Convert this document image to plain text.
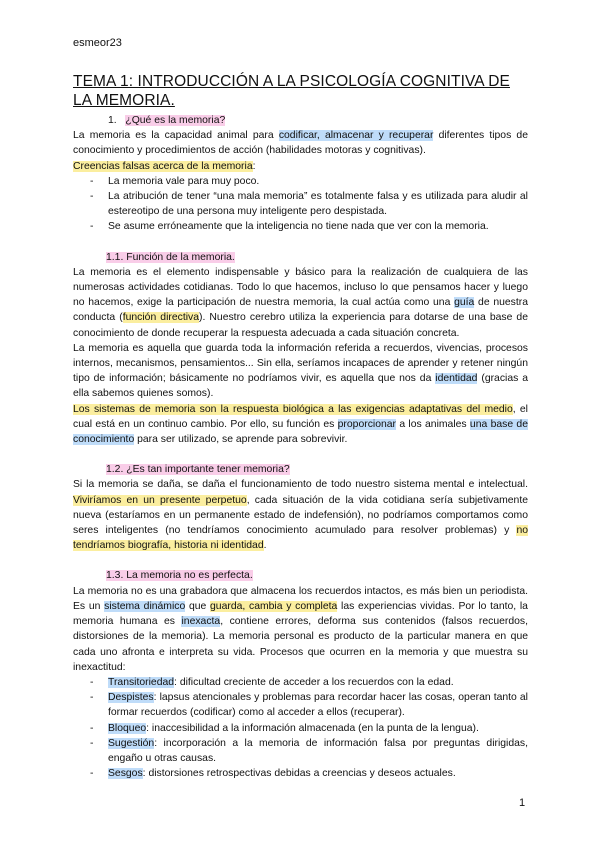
esmeor23
TEMA 1: INTRODUCCIÓN A LA PSICOLOGÍA COGNITIVA DE LA MEMORIA.

1. ¿Qué es la memoria?

La memoria es la capacidad animal para codificar, almacenar y recuperar diferentes tipos de conocimiento y procedimientos de acción (habilidades motoras y cognitivas).

Creencias falsas acerca de la memoria:

- La memoria vale para muy poco.
- La atribución de tener “una mala memoria” es totalmente falsa y es utilizada para aludir al estereotipo de una persona muy inteligente pero despistada.
- Se asume erróneamente que la inteligencia no tiene nada que ver con la memoria.

1.1. Función de la memoria.

La memoria es el elemento indispensable y básico para la realización de cualquiera de las numerosas actividades cotidianas. Todo lo que hacemos, incluso lo que pensamos hacer y luego no hacemos, exige la participación de nuestra memoria, la cual actúa como una guía de nuestra conducta (función directiva). Nuestro cerebro utiliza la experiencia para dotarse de una base de conocimiento de donde recuperar la respuesta adecuada a cada situación concreta.

La memoria es aquella que guarda toda la información referida a recuerdos, vivencias, procesos internos, mecanismos, pensamientos... Sin ella, seríamos incapaces de aprender y retener ningún tipo de información; básicamente no podríamos vivir, es aquella que nos da identidad (gracias a ella sabemos quienes somos).

Los sistemas de memoria son la respuesta biológica a las exigencias adaptativas del medio, el cual está en un continuo cambio. Por ello, su función es proporcionar a los animales una base de conocimiento para ser utilizado, se aprende para sobrevivir.

1.2. ¿Es tan importante tener memoria?

Si la memoria se daña, se daña el funcionamiento de todo nuestro sistema mental e intelectual. Viviríamos en un presente perpetuo, cada situación de la vida cotidiana sería subjetivamente nueva (estaríamos en un permanente estado de indefensión), no podríamos comportamos como seres inteligentes (no tendríamos conocimiento acumulado para resolver problemas) y no tendríamos biografía, historia ni identidad.

1.3. La memoria no es perfecta.

La memoria no es una grabadora que almacena los recuerdos intactos, es más bien un periodista. Es un sistema dinámico que guarda, cambia y completa las experiencias vividas. Por lo tanto, la memoria humana es inexacta, contiene errores, deforma sus contenidos (falsos recuerdos, distorsiones de la memoria). La memoria personal es producto de la particular manera en que cada uno afronta e interpreta su vida. Procesos que ocurren en la memoria y que muestra su inexactitud:

- Transitoriedad: dificultad creciente de acceder a los recuerdos con la edad.
- Despistes: lapsus atencionales y problemas para recordar hacer las cosas, operan tanto al formar recuerdos (codificar) como al acceder a ellos (recuperar).
- Bloqueo: inaccesibilidad a la información almacenada (en la punta de la lengua).
- Sugestión: incorporación a la memoria de información falsa por preguntas dirigidas, engaño u otras causas.
- Sesgos: distorsiones retrospectivas debidas a creencias y deseos actuales.
1
